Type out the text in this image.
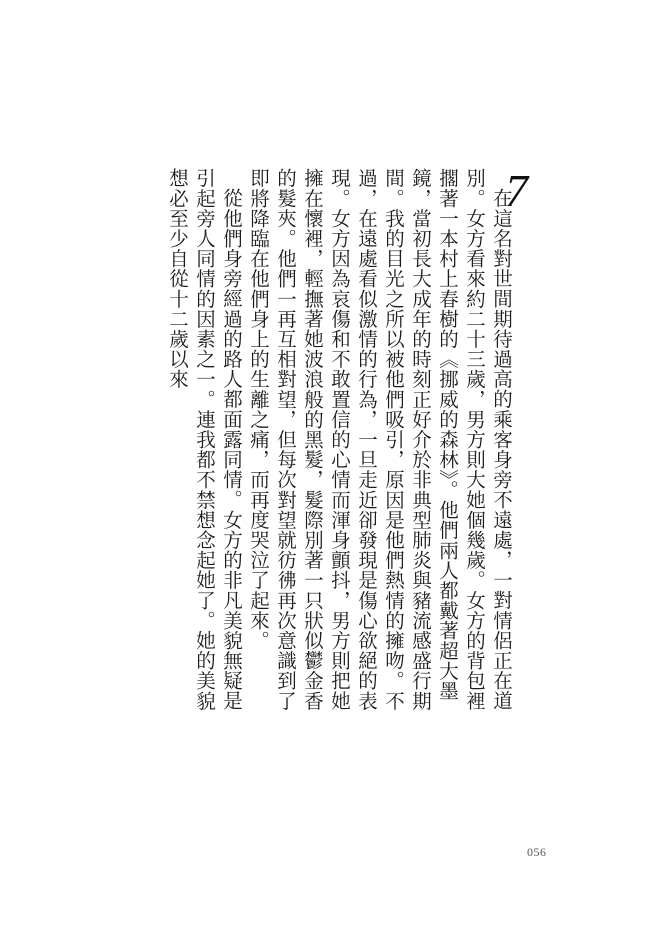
7

在這名對世間期待過高的乘客身旁不遠處，一對情侶正在道別。女方看來約二十三歲，男方則大她個幾歲。女方的背包裡擱著一本村上春樹的《挪威的森林》。他們兩人都戴著超大墨鏡，當初長大成年的時刻正好介於非典型肺炎與豬流感盛行期間。我的目光之所以被他們吸引，原因是他們熱情的擁吻。不過，在遠處看似激情的行為，一旦走近卻發現是傷心欲絕的表現。女方因為哀傷和不敢置信的心情而渾身顫抖，男方則把她擁在懷裡，輕撫著她波浪般的黑髮，髮際別著一只狀似鬱金香的髮夾。他們一再互相對望，但每次對望就彷彿再次意識到了即將降臨在他們身上的生離之痛，而再度哭泣了起來。

從他們身旁經過的路人都面露同情。女方的非凡美貌無疑是引起旁人同情的因素之一。連我都不禁想念起她了。她的美貌想必至少自從十二歲以來

056
